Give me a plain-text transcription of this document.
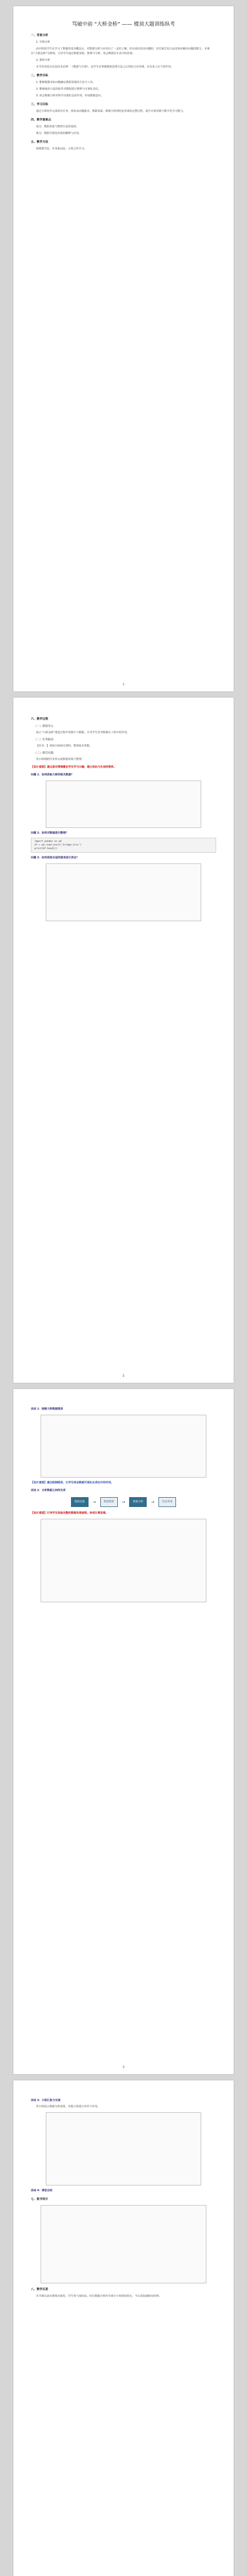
笃破中前 “大桥金桥” —— 楼顶大题训练纵考
一、背景分析

1. 学情分析

高中阶段学生在学习了数据的基本概念后，对数据分析与应用有了一定的了解，但在面对真实问题时，往往缺乏综合运用知识解决问题的能力。本课以“大桥金桥”为情境，引导学生通过数据采集、整理与分析，体会数据在生活中的价值。

2. 教材分析

本节内容选自信息技术必修一《数据与计算》，是学生在掌握数据处理方法之后的综合应用课，具有承上启下的作用。

二、教学目标

1. 能够根据实际问题确定数据采集的方法与工具。

2. 能够使用合适的软件对数据进行整理与可视化表达。

3. 体会数据分析对科学决策的支持作用，形成数据意识。

三、学习目标

通过小组协作完成项目任务，体验从问题提出、数据采集、数据分析到结论形成的完整过程，提升计算思维与数字化学习能力。

四、教学重难点

重点：数据采集与整理方法的选择。

难点：数据可视化结果的解释与应用。

五、教学方法

情境教学法、任务驱动法、小组合作学习。

1
六、教学过程
（一）情境导入

展示“大桥金桥”建设过程中的图片与数据，引导学生思考数据在工程中的作用。

（二）任务驱动

【任务一】查阅大桥相关资料，整理基本参数。

（三）探究实践

各小组根据任务单完成数据采集与整理。

【设计意图】通过真实情境激发学生学习兴趣，建立知识与生活的联系。
问题 1：如何获取大桥的相关数据？
问题 2：如何对数据进行整理？
import pandas as pd
df = pd.read_excel('bridge.xlsx')
print(df.head())
问题 3：如何选择合适的图表进行表达？
2
活动 1：绘制大桥数据图表
【设计意图】通过绘制图表，让学生体会数据可视化在表达中的作用。
活动 2：分析数据之间的关系
数据采集	→	数据整理	→	数据分析	→	结论形成
【设计意图】引导学生体验完整的数据处理流程，形成计算思维。
3
活动 3：小组汇报与交流

各小组展示数据分析成果，其他小组进行评价与补充。

活动 4：课堂总结
七、板书设计
八、教学反思

本节课以真实情境为依托，学生参与度较高，但在数据分析环节部分小组用时较长，今后需加强时间管理。
